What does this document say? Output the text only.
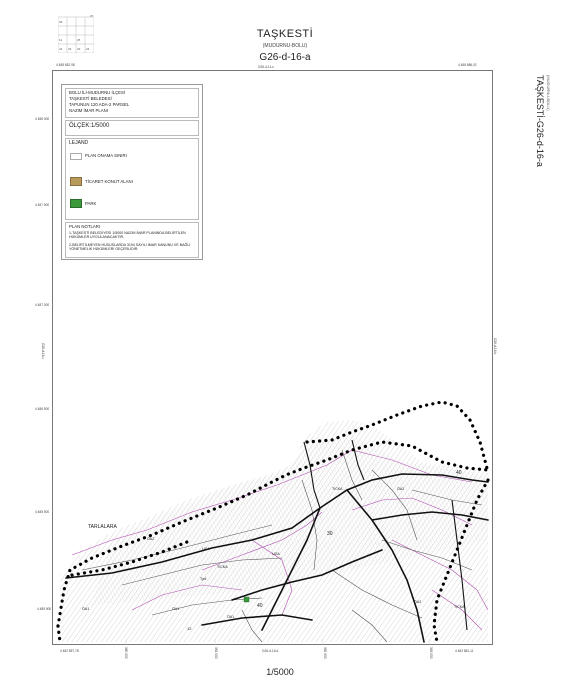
36
11
41
37
22 23 24
25	TAŞKESTİ
(MUDURNU-BOLU)
G26-d-16-a
TAŞKESTİ-G26-d-16-a (MUDURNU-BOLU)
4 488 652,98	4 488 686,02
G26-d-11-c
4 488 000
4 487 500
4 487 000
4 486 500
4 485 500
4 485 500
4 482 857,78	4 482 881,11
G26-d-16-d
G26-d-16-c	G26-d-16-b
380 000	381 000	382 000	383 000
TARLALARA
ÖA2
TİCKA
UGA
ÖA1
TİCKA
ÖA2
Tpd
ÖA1	TİCKA
ÖA2
UGA
ÖA1
40
30
40
12
BOLU İLİ-MUDURNU İLÇESİ
TAŞKESTİ BELEDESİ
TAPUNUN 120 ADA-2 PARSEL
NAZIM İMAR PLANI
ÖLÇEK:1/5000
LEJAND
PLAN ONAMA SINIRI
TİCARET KONUT ALANI
PARK
PLAN NOTLARI
1-TAŞKESTİ BELEDİYESİ 1/5000 NAZIM İMAR PLANINDA BELİRTİLEN HÜKÜMLER UYGULANACAKTIR.
2-BELİRTİLMEYEN HUSUSLARDA 3194 SAYILI İMAR KANUNU VE BAĞLI YÖNETMELİK HÜKÜMLERİ GEÇERLİDİR.
1/5000
